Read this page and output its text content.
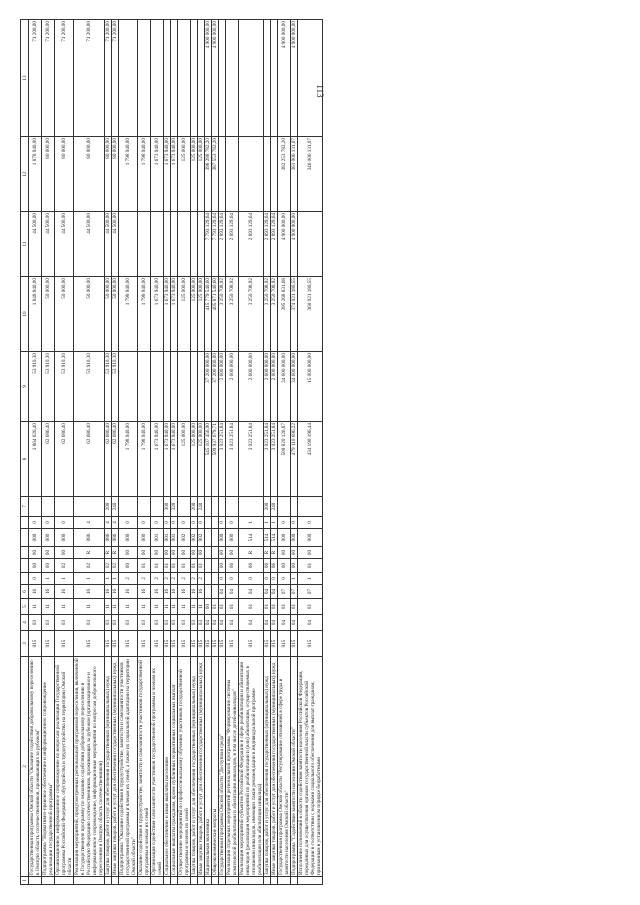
113
1	2	3	4	5	6						7	8	9	10	11	12	13
	Государственная программа Омской области "Оказание содействия добровольному переселению в Омскую область соотечественников, проживающих за рубежом"	015	03	11	16	0	00	00	000	0		1 864 626,40	53 910,30	1 848 940,00	44 500,00	1 878 940,00	71 200,00
	Подпрограмма "Нормативно-правовое обеспечение и информационное сопровождение реализации государственной программы"	015	03	11	16	1	00	00	000	0		62 686,40	53 910,30	50 000,00	44 500,00	80 000,00	71 200,00
	Организационное, информационное сопровождение по вопросам реализации Государственной программы Российской Федерации, обустройства и трудоустройства на территории Омской области	015	03	11	16	1	02	00	000	0		62 686,40	53 910,30	50 000,00	44 500,00	80 000,00	71 200,00
	Реализация мероприятий, предусмотренных региональной программой переселения, включенной в Государственную программу по оказанию содействия добровольному переселению в Российскую Федерацию соотечественников, проживающих за рубежом (организационное и информационное сопровождение, информационные мероприятия по вопросам добровольного переселения в Омскую область соотечественников)	015	03	11	16	1	02	R	086	4		62 686,40	53 910,30	50 000,00	44 500,00	80 000,00	71 200,00
	Закупка товаров, работ и услуг для обеспечения государственных (муниципальных) нужд	015	03	11	16	1	02	R	086	4	200	62 686,40	53 910,30	50 000,00	44 500,00	80 000,00	71 200,00
	Иные закупки товаров, работ и услуг для обеспечения государственных (муниципальных) нужд	015	03	11	16	1	02	R	086	4	240	62 686,40	53 910,30	50 000,00	44 500,00	80 000,00	71 200,00
	Подпрограмма "Оказание содействия в трудоустройстве, занятости и самозанятости участников государственной программы и членам их семей, а также их социальной адаптации на территории Омской области"	015	03	11	16	2	00	00	000	0		1 798 940,00		1 798 940,00		1 798 940,00	
	Оказание содействия в трудоустройстве, занятости и самозанятости участников государственной программы и членам их семей	015	03	11	16	2	01	00	000	0		1 798 940,00		1 798 940,00		1 798 940,00	
	Организация содействия самозанятости участников государственной программы и членам их семей	015	03	11	16	2	01	00	001	0		1 673 940,00		1 673 940,00		1 673 940,00	
	Социальное обеспечение и иные выплаты населению	015	03	11	16	2	01	00	001	0	300	1 673 940,00		1 673 940,00		1 673 940,00	
	Социальные выплаты гражданам, кроме публичных нормативных социальных выплат	015	03	11	16	2	01	00	001	0	320	1 673 940,00		1 673 940,00		1 673 940,00	
	Осуществление мероприятий по профессиональному обучению участников государственной программы и членов их семей	015	03	11	16	2	01	00	002	0		125 000,00		125 000,00		125 000,00	
	Закупка товаров, работ и услуг для обеспечения государственных (муниципальных) нужд	015	03	11	16	2	01	00	002	0	200	125 000,00		125 000,00		125 000,00	
	Иные закупки товаров, работ и услуг для обеспечения государственных (муниципальных) нужд	015	03	11	16	2	01	00	002	0	240	125 000,00		125 000,00		125 000,00	
	Национальная экономика	015	04	00								545 107 456,90	37 200 000,00	415 779 540,60	7 793 129,64	398 288 782,20	4 900 000,00
	Общеэкономические вопросы	015	04	01								509 937 679,71	37 200 000,00	405 871 540,60	7 793 129,64	387 553 782,20	4 900 000,00
	Государственная программа Омской области "Доступная среда"	015	04	01	04	0	00	00	000	0		3 023 251,84	2 600 000,00	3 250 708,92	2 893 129,64		
	Реализация отдельных мероприятий региональной программы "Формирование системы комплексной реабилитации и абилитации инвалидов, в том числе детей-инвалидов"	015	04	01	04	0	06	00	000	0		3 023 251,84	2 600 000,00	3 250 708,92	2 893 129,64		
	Реализация мероприятий субъектов Российской Федерации в сфере реабилитации и абилитации инвалидов (реализация мероприятий по реабилитации и (или) абилитации, осуществляемых в отношении инвалидов, имеющих такие рекомендации в индивидуальной программе реабилитации или абилитации инвалида)	015	04	01	04	0	06	R	514	1		3 023 251,84	2 600 000,00	3 250 708,92	2 893 129,64		
	Закупка товаров, работ и услуг для обеспечения государственных (муниципальных) нужд	015	04	01	04	0	06	R	514	1	200	3 023 251,84	2 600 000,00	3 250 708,92	2 893 129,64		
	Иные закупки товаров, работ и услуг для обеспечения государственных (муниципальных) нужд	015	04	01	04	0	06	R	514	1	240	3 023 251,84	2 600 000,00	3 250 708,92	2 893 129,64		
	Государственная программа Омской области "Регулирование отношений в сфере труда и занятости населения Омской области"	015	04	01	07	0	00	00	000	0		500 820 126,87	34 600 000,00	395 268 831,68	4 900 000,00	382 253 782,20	4 900 000,00
	Подпрограмма "Содействие занятости населения Омской области"	015	04	01	07	1	00	00	000	0		479 110 696,22	34 600 000,00	374 021 180,55	4 900 000,00	361 006 131,07	4 900 000,00
	Исполнение полномочий в области содействия занятости населения Российской Федерации, переданных для осуществления органам государственной власти субъектов Российской Федерации в соответствии с нормами социального обеспечения для выплат гражданам, признанным в установленном порядке безработными	015	04	01	07	1	01	00	000	0		434 190 196,44	15 000 000,00	360 021 180,55		346 006 131,07	
